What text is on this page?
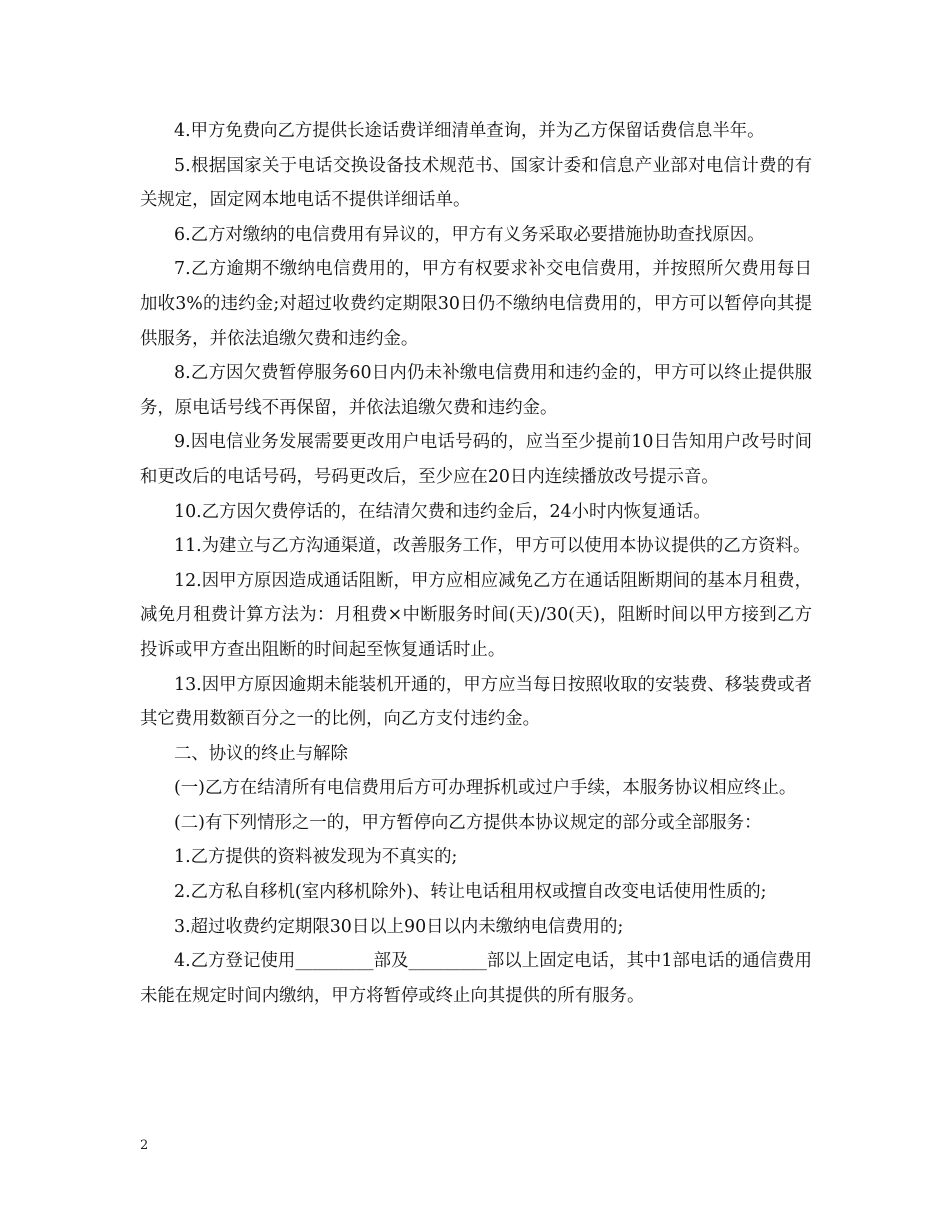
4.甲方免费向乙方提供长途话费详细清单查询，并为乙方保留话费信息半年。

5.根据国家关于电话交换设备技术规范书、国家计委和信息产业部对电信计费的有关规定，固定网本地电话不提供详细话单。

6.乙方对缴纳的电信费用有异议的，甲方有义务采取必要措施协助查找原因。

7.乙方逾期不缴纳电信费用的，甲方有权要求补交电信费用，并按照所欠费用每日加收3%的违约金;对超过收费约定期限30日仍不缴纳电信费用的，甲方可以暂停向其提供服务，并依法追缴欠费和违约金。

8.乙方因欠费暂停服务60日内仍未补缴电信费用和违约金的，甲方可以终止提供服务，原电话号线不再保留，并依法追缴欠费和违约金。

9.因电信业务发展需要更改用户电话号码的，应当至少提前10日告知用户改号时间和更改后的电话号码，号码更改后，至少应在20日内连续播放改号提示音。

10.乙方因欠费停话的，在结清欠费和违约金后，24小时内恢复通话。

11.为建立与乙方沟通渠道，改善服务工作，甲方可以使用本协议提供的乙方资料。

12.因甲方原因造成通话阻断，甲方应相应减免乙方在通话阻断期间的基本月租费，减免月租费计算方法为：月租费×中断服务时间(天)/30(天)，阻断时间以甲方接到乙方投诉或甲方查出阻断的时间起至恢复通话时止。

13.因甲方原因逾期未能装机开通的，甲方应当每日按照收取的安装费、移装费或者其它费用数额百分之一的比例，向乙方支付违约金。

二、协议的终止与解除

(一)乙方在结清所有电信费用后方可办理拆机或过户手续，本服务协议相应终止。

(二)有下列情形之一的，甲方暂停向乙方提供本协议规定的部分或全部服务：

1.乙方提供的资料被发现为不真实的;

2.乙方私自移机(室内移机除外)、转让电话租用权或擅自改变电话使用性质的;

3.超过收费约定期限30日以上90日以内未缴纳电信费用的;

4.乙方登记使用_________部及_________部以上固定电话，其中1部电话的通信费用未能在规定时间内缴纳，甲方将暂停或终止向其提供的所有服务。

2
